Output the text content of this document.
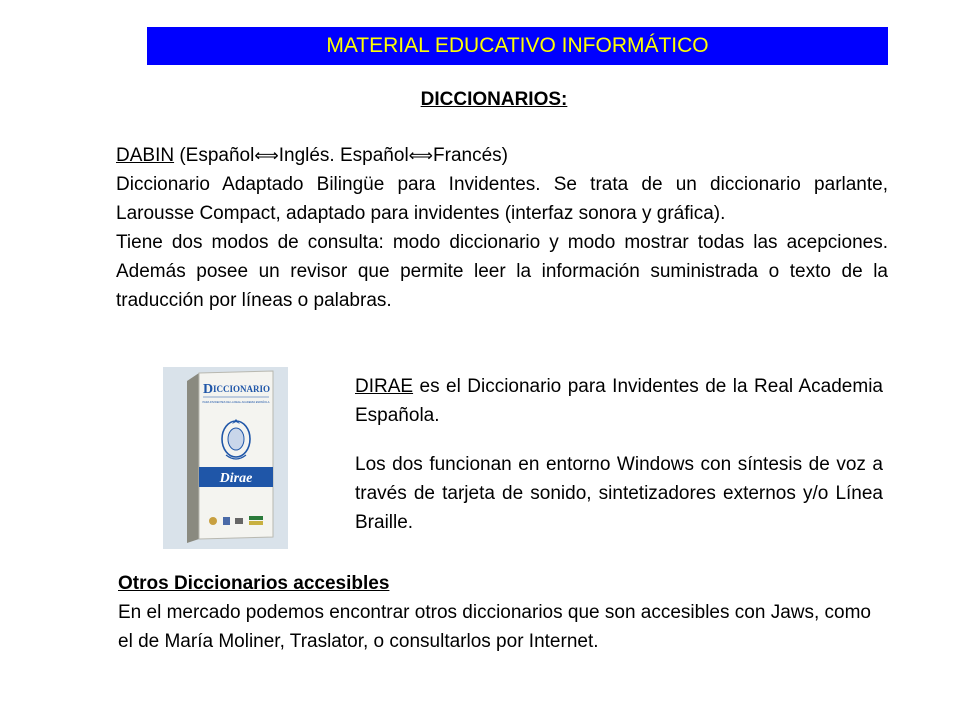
MATERIAL EDUCATIVO INFORMÁTICO
DICCIONARIOS:

DABIN (Español⟺Inglés. Español⟺Francés)

Diccionario Adaptado Bilingüe para Invidentes. Se trata de un diccionario parlante, Larousse Compact, adaptado para invidentes (interfaz sonora y gráfica).

Tiene dos modos de consulta: modo diccionario y modo mostrar todas las acepciones. Además posee un revisor que permite leer la información suministrada o texto de la traducción por líneas o palabras.

D ICCIONARIO
PARA INVIDENTES DE LA REAL ACADEMIA ESPAÑOLA
Dirae

DIRAE es el Diccionario para Invidentes de la Real Academia Española.

Los dos funcionan en entorno Windows con síntesis de voz a través de tarjeta de sonido, sintetizadores externos y/o Línea Braille.

Otros Diccionarios accesibles

En el mercado podemos encontrar otros diccionarios que son accesibles con Jaws, como el de María Moliner, Traslator, o consultarlos por Internet.
